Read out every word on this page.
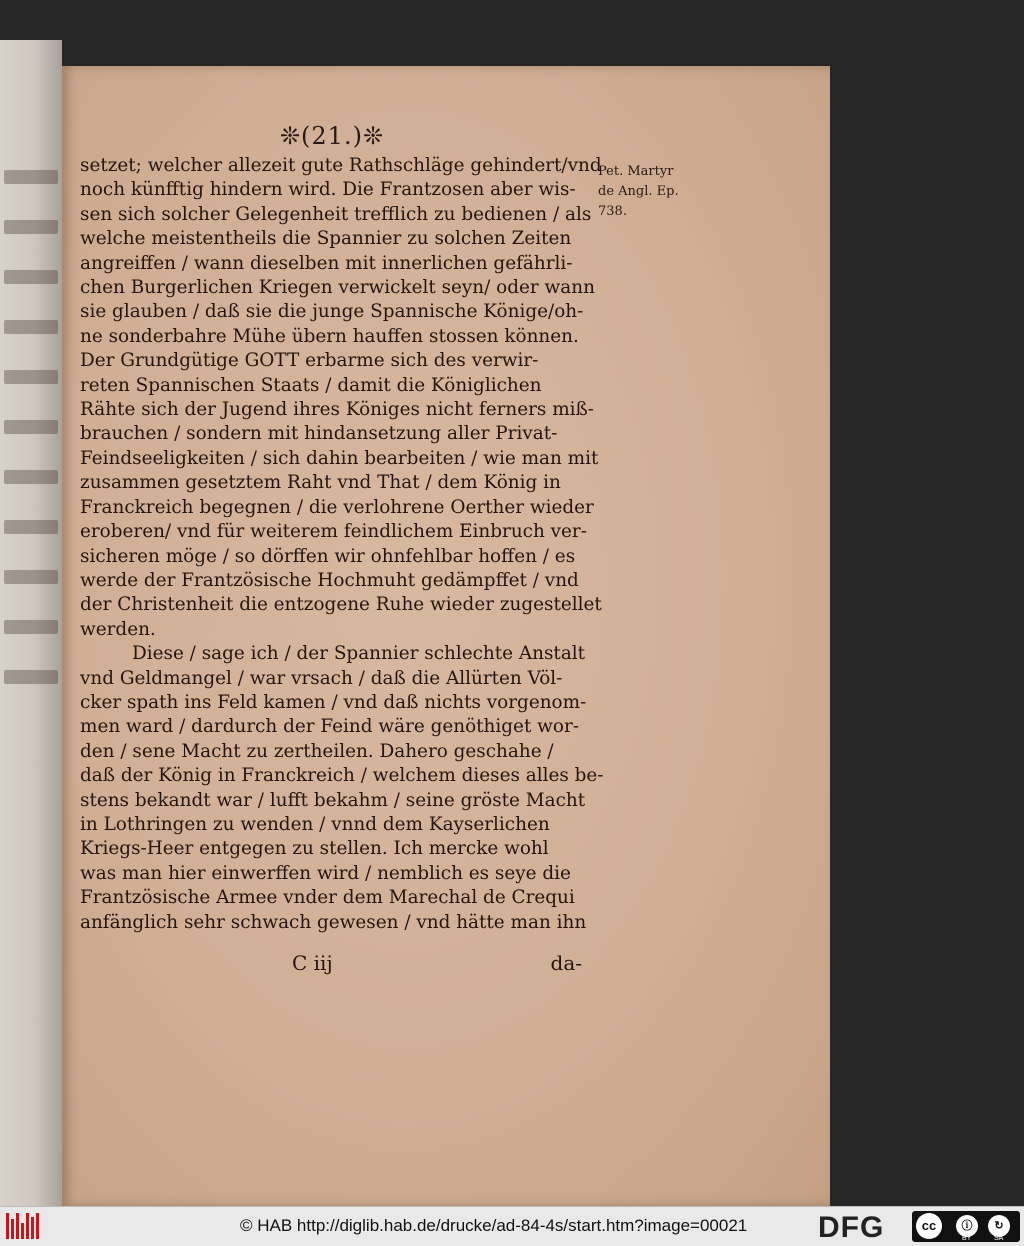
❊(21.)❊
setzet; welcher allezeit gute Rathschläge gehindert/vnd
noch künfftig hindern wird. Die Frantzosen aber wis-
sen sich solcher Gelegenheit trefflich zu bedienen / als
welche meistentheils die Spannier zu solchen Zeiten
angreiffen / wann dieselben mit innerlichen gefährli-
chen Burgerlichen Kriegen verwickelt seyn/ oder wann
sie glauben / daß sie die junge Spannische Könige/oh-
ne sonderbahre Mühe übern hauffen stossen können.
Der Grundgütige GOTT erbarme sich des verwir-
reten Spannischen Staats / damit die Königlichen
Rähte sich der Jugend ihres Königes nicht ferners miß-
brauchen / sondern mit hindansetzung aller Privat-
Feindseeligkeiten / sich dahin bearbeiten / wie man mit
zusammen gesetztem Raht vnd That / dem König in
Franckreich begegnen / die verlohrene Oerther wieder
eroberen/ vnd für weiterem feindlichem Einbruch ver-
sicheren möge / so dörffen wir ohnfehlbar hoffen / es
werde der Frantzösische Hochmuht gedämpffet / vnd
der Christenheit die entzogene Ruhe wieder zugestellet
werden.
Diese / sage ich / der Spannier schlechte Anstalt
vnd Geldmangel / war vrsach / daß die Allürten Völ-
cker spath ins Feld kamen / vnd daß nichts vorgenom-
men ward / dardurch der Feind wäre genöthiget wor-
den / sene Macht zu zertheilen. Dahero geschahe /
daß der König in Franckreich / welchem dieses alles be-
stens bekandt war / lufft bekahm / seine gröste Macht
in Lothringen zu wenden / vnnd dem Kayserlichen
Kriegs-Heer entgegen zu stellen. Ich mercke wohl
was man hier einwerffen wird / nemblich es seye die
Frantzösische Armee vnder dem Marechal de Crequi
anfänglich sehr schwach gewesen / vnd hätte man ihn
Pet. Martyr
de Angl. Ep.
738.
C iij	da-
© HAB http://diglib.hab.de/drucke/ad-84-4s/start.htm?image=00021 DFG	cc	ⓘ	↻
BY	SA
